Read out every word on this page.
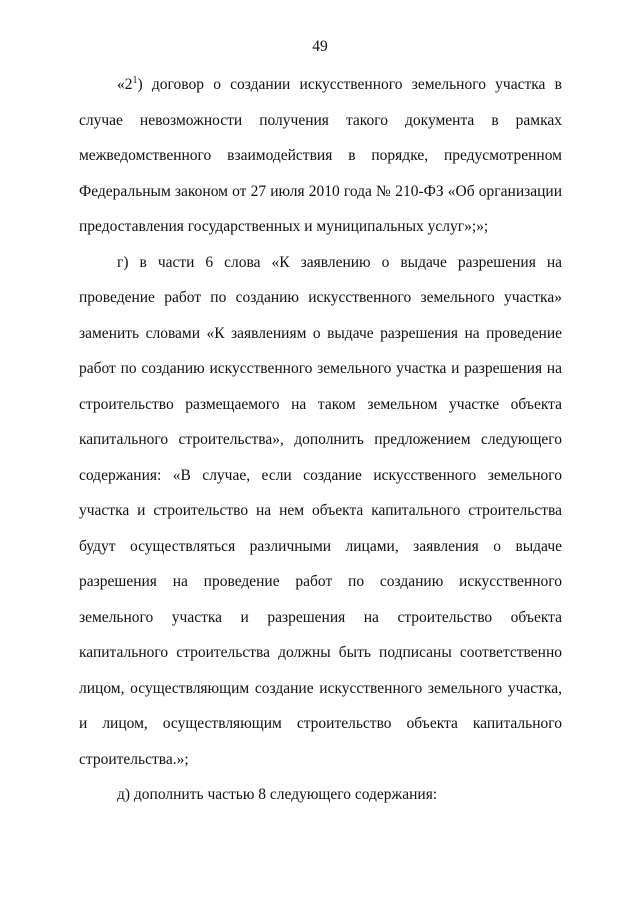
49

«$2^1$) договор о создании искусственного земельного участка в случае невозможности получения такого документа в рамках межведомственного взаимодействия в порядке, предусмотренном Федеральным законом от 27 июля 2010 года № 210-ФЗ «Об организации предоставления государственных и муниципальных услуг»;»;

г) в части 6 слова «К заявлению о выдаче разрешения на проведение работ по созданию искусственного земельного участка» заменить словами «К заявлениям о выдаче разрешения на проведение работ по созданию искусственного земельного участка и разрешения на строительство размещаемого на таком земельном участке объекта капитального строительства», дополнить предложением следующего содержания: «В случае, если создание искусственного земельного участка и строительство на нем объекта капитального строительства будут осуществляться различными лицами, заявления о выдаче разрешения на проведение работ по созданию искусственного земельного участка и разрешения на строительство объекта капитального строительства должны быть подписаны соответственно лицом, осуществляющим создание искусственного земельного участка, и лицом, осуществляющим строительство объекта капитального строительства.»;

д) дополнить частью 8 следующего содержания:
